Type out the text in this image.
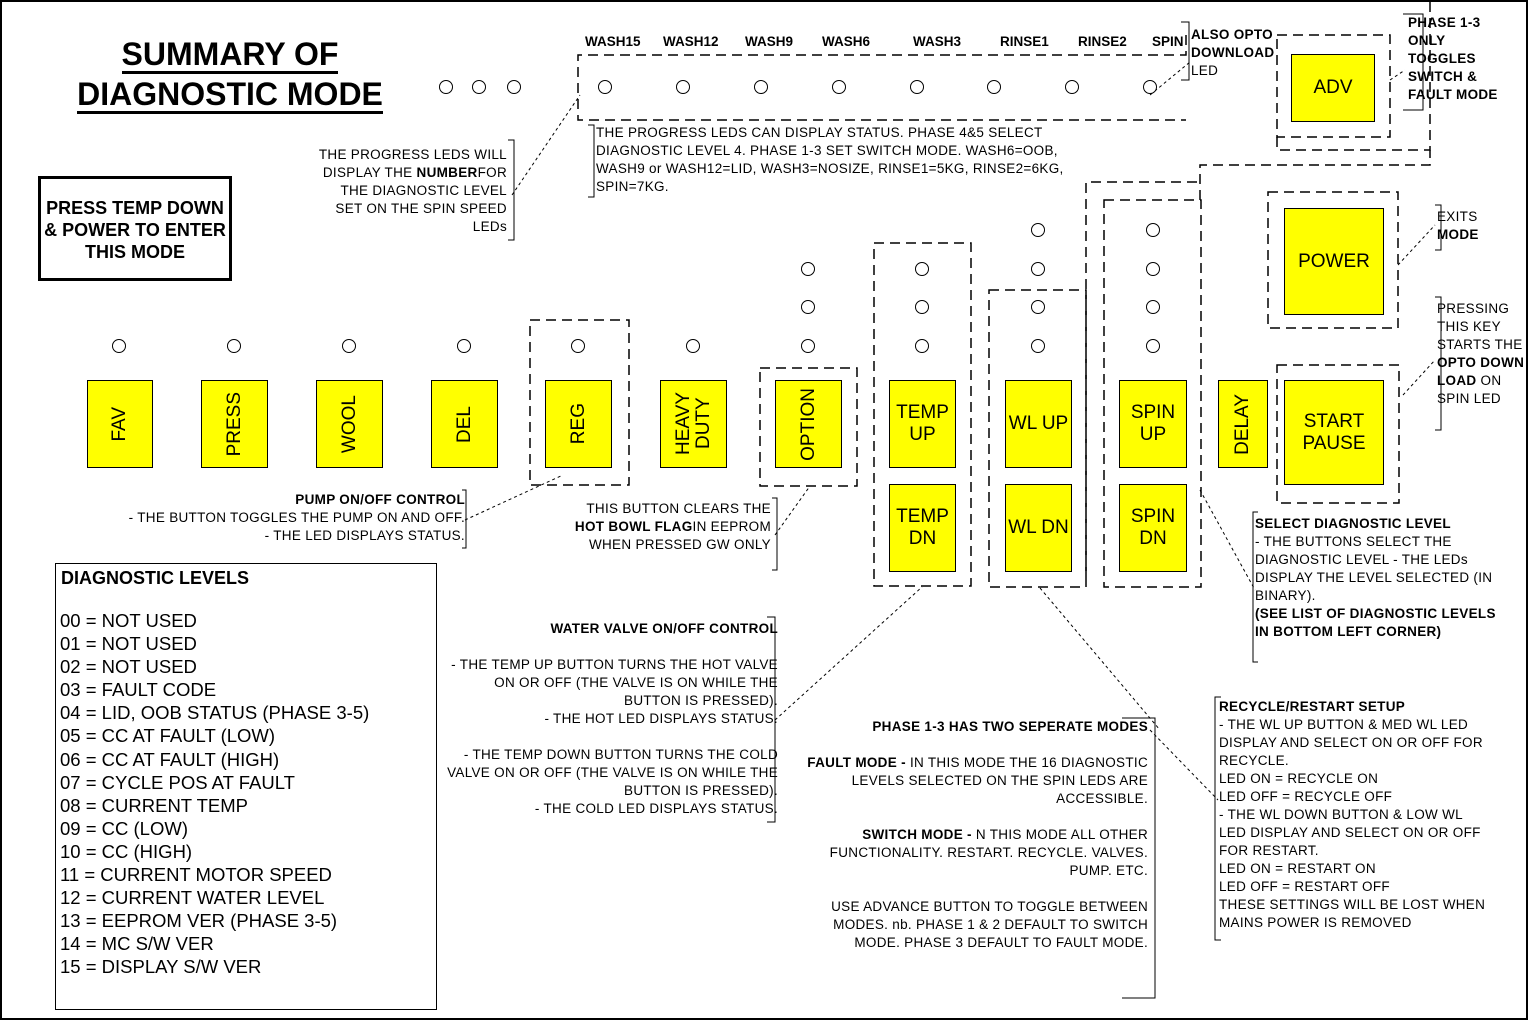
SUMMARY OF
DIAGNOSTIC MODE
PRESS TEMP DOWN & POWER TO ENTER THIS MODE
WASH15 WASH12 WASH9 WASH6	WASH3	RINSE1 RINSE2 SPIN
FAV	PRESS	WOOL	DEL	REG	HEAVY
DUTY	OPTION	TEMP UP
TEMP DN
WL UP
WL DN
SPIN UP
SPIN DN
DELAY	START PAUSE
POWER
ADV
ALSO OPTO DOWNLOAD LED
PHASE 1-3 ONLY TOGGLES SWITCH & FAULT MODE
THE PROGRESS LEDS CAN DISPLAY STATUS. PHASE 4&5 SELECT DIAGNOSTIC LEVEL 4. PHASE 1-3 SET SWITCH MODE. WASH6=OOB, WASH9 or WASH12=LID, WASH3=NOSIZE, RINSE1=5KG, RINSE2=6KG, SPIN=7KG.
THE PROGRESS LEDS WILL DISPLAY THE NUMBERFOR THE DIAGNOSTIC LEVEL SET ON THE SPIN SPEED LEDs
EXITS MODE
PRESSING THIS KEY STARTS THE OPTO DOWN LOAD ON SPIN LED
PUMP ON/OFF CONTROL
- THE BUTTON TOGGLES THE PUMP ON AND OFF.
- THE LED DISPLAYS STATUS.
THIS BUTTON CLEARS THE HOT BOWL FLAGIN EEPROM WHEN PRESSED GW ONLY
SELECT DIAGNOSTIC LEVEL
- THE BUTTONS SELECT THE DIAGNOSTIC LEVEL - THE LEDs DISPLAY THE LEVEL SELECTED (IN BINARY).
(SEE LIST OF DIAGNOSTIC LEVELS IN BOTTOM LEFT CORNER)
WATER VALVE ON/OFF CONTROL

- THE TEMP UP BUTTON TURNS THE HOT VALVE ON OR OFF (THE VALVE IS ON WHILE THE BUTTON IS PRESSED).
- THE HOT LED DISPLAYS STATUS.

- THE TEMP DOWN BUTTON TURNS THE COLD VALVE ON OR OFF (THE VALVE IS ON WHILE THE BUTTON IS PRESSED).
- THE COLD LED DISPLAYS STATUS.
PHASE 1-3 HAS TWO SEPERATE MODES

FAULT MODE - IN THIS MODE THE 16 DIAGNOSTIC LEVELS SELECTED ON THE SPIN LEDS ARE ACCESSIBLE.

SWITCH MODE - N THIS MODE ALL OTHER FUNCTIONALITY. RESTART. RECYCLE. VALVES. PUMP. ETC.

USE ADVANCE BUTTON TO TOGGLE BETWEEN MODES. nb. PHASE 1 & 2 DEFAULT TO SWITCH MODE. PHASE 3 DEFAULT TO FAULT MODE.
RECYCLE/RESTART SETUP
- THE WL UP BUTTON & MED WL LED DISPLAY AND SELECT ON OR OFF FOR RECYCLE.
LED ON = RECYCLE ON
LED OFF = RECYCLE OFF
- THE WL DOWN BUTTON & LOW WL LED DISPLAY AND SELECT ON OR OFF FOR RESTART.
LED ON = RESTART ON
LED OFF = RESTART OFF
THESE SETTINGS WILL BE LOST WHEN MAINS POWER IS REMOVED
DIAGNOSTIC LEVELS
00 = NOT USED
01 = NOT USED
02 = NOT USED
03 = FAULT CODE
04 = LID, OOB STATUS (PHASE 3-5)
05 = CC AT FAULT (LOW)
06 = CC AT FAULT (HIGH)
07 = CYCLE POS AT FAULT
08 = CURRENT TEMP
09 = CC (LOW)
10 = CC (HIGH)
11 = CURRENT MOTOR SPEED
12 = CURRENT WATER LEVEL
13 = EEPROM VER (PHASE 3-5)
14 = MC S/W VER
15 = DISPLAY S/W VER
